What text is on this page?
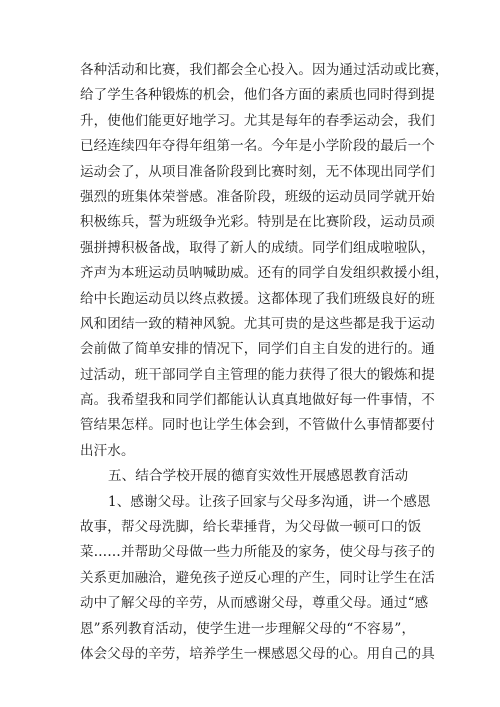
各种活动和比赛，我们都会全心投入。因为通过活动或比赛，
给了学生各种锻炼的机会，他们各方面的素质也同时得到提
升，使他们能更好地学习。尤其是每年的春季运动会，我们
已经连续四年夺得年组第一名。今年是小学阶段的最后一个
运动会了，从项目准备阶段到比赛时刻，无不体现出同学们
强烈的班集体荣誉感。准备阶段，班级的运动员同学就开始
积极练兵，誓为班级争光彩。特别是在比赛阶段，运动员顽
强拼搏积极备战，取得了新人的成绩。同学们组成啦啦队，
齐声为本班运动员呐喊助威。还有的同学自发组织救援小组，
给中长跑运动员以终点救援。这都体现了我们班级良好的班
风和团结一致的精神风貌。尤其可贵的是这些都是我于运动
会前做了简单安排的情况下，同学们自主自发的进行的。通
过活动，班干部同学自主管理的能力获得了很大的锻炼和提
高。我希望我和同学们都能认认真真地做好每一件事情，不
管结果怎样。同时也让学生体会到，不管做什么事情都要付
出汗水。
五、结合学校开展的德育实效性开展感恩教育活动
1、感谢父母。让孩子回家与父母多沟通，讲一个感恩
故事，帮父母洗脚，给长辈捶背，为父母做一顿可口的饭
菜……并帮助父母做一些力所能及的家务，使父母与孩子的
关系更加融洽，避免孩子逆反心理的产生，同时让学生在活
动中了解父母的辛劳，从而感谢父母，尊重父母。通过“感
恩”系列教育活动，使学生进一步理解父母的“不容易”，
体会父母的辛劳，培养学生一棵感恩父母的心。用自己的具
